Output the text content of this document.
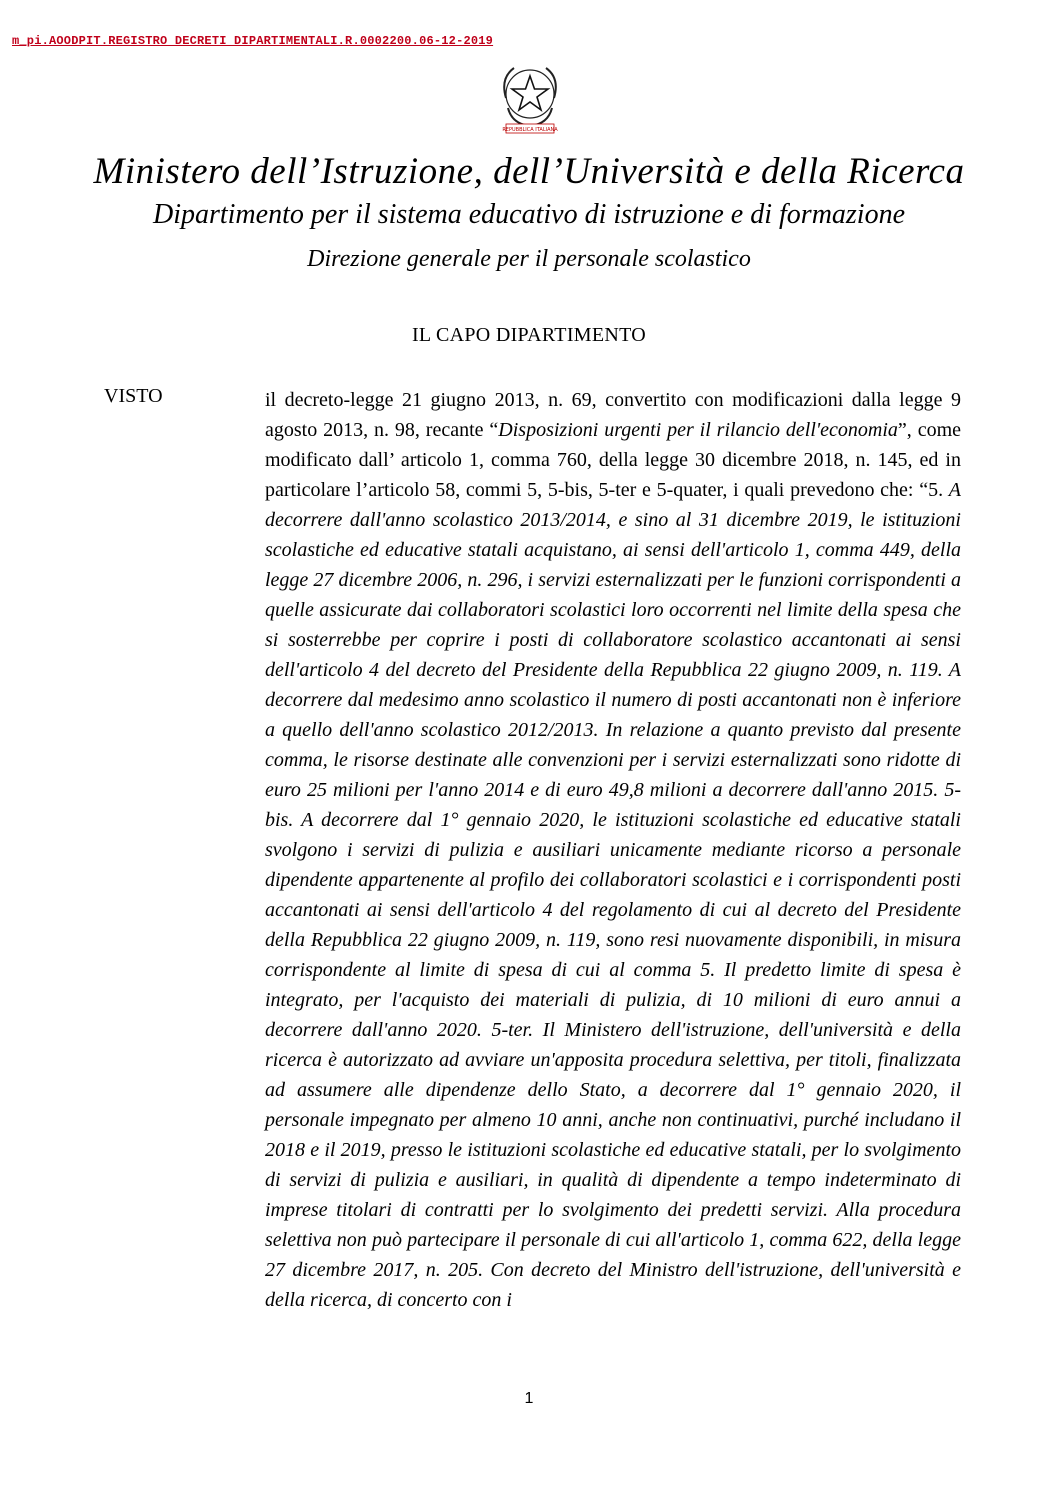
m_pi.AOODPIT.REGISTRO DECRETI DIPARTIMENTALI.R.0002200.06-12-2019
REPUBBLICA ITALIANA
Ministero dell’Istruzione, dell’Università e della Ricerca
Dipartimento per il sistema educativo di istruzione e di formazione
Direzione generale per il personale scolastico
IL CAPO DIPARTIMENTO
VISTO	il decreto-legge 21 giugno 2013, n. 69, convertito con modificazioni dalla legge 9 agosto 2013, n. 98, recante “Disposizioni urgenti per il rilancio dell'economia”, come modificato dall’ articolo 1, comma 760, della legge 30 dicembre 2018, n. 145, ed in particolare l’articolo 58, commi 5, 5-bis, 5-ter e 5-quater, i quali prevedono che: “5. A decorrere dall'anno scolastico 2013/2014, e sino al 31 dicembre 2019, le istituzioni scolastiche ed educative statali acquistano, ai sensi dell'articolo 1, comma 449, della legge 27 dicembre 2006, n. 296, i servizi esternalizzati per le funzioni corrispondenti a quelle assicurate dai collaboratori scolastici loro occorrenti nel limite della spesa che si sosterrebbe per coprire i posti di collaboratore scolastico accantonati ai sensi dell'articolo 4 del decreto del Presidente della Repubblica 22 giugno 2009, n. 119. A decorrere dal medesimo anno scolastico il numero di posti accantonati non è inferiore a quello dell'anno scolastico 2012/2013. In relazione a quanto previsto dal presente comma, le risorse destinate alle convenzioni per i servizi esternalizzati sono ridotte di euro 25 milioni per l'anno 2014 e di euro 49,8 milioni a decorrere dall'anno 2015. 5-bis. A decorrere dal 1° gennaio 2020, le istituzioni scolastiche ed educative statali svolgono i servizi di pulizia e ausiliari unicamente mediante ricorso a personale dipendente appartenente al profilo dei collaboratori scolastici e i corrispondenti posti accantonati ai sensi dell'articolo 4 del regolamento di cui al decreto del Presidente della Repubblica 22 giugno 2009, n. 119, sono resi nuovamente disponibili, in misura corrispondente al limite di spesa di cui al comma 5. Il predetto limite di spesa è integrato, per l'acquisto dei materiali di pulizia, di 10 milioni di euro annui a decorrere dall'anno 2020. 5-ter. Il Ministero dell'istruzione, dell'università e della ricerca è autorizzato ad avviare un'apposita procedura selettiva, per titoli, finalizzata ad assumere alle dipendenze dello Stato, a decorrere dal 1° gennaio 2020, il personale impegnato per almeno 10 anni, anche non continuativi, purché includano il 2018 e il 2019, presso le istituzioni scolastiche ed educative statali, per lo svolgimento di servizi di pulizia e ausiliari, in qualità di dipendente a tempo indeterminato di imprese titolari di contratti per lo svolgimento dei predetti servizi. Alla procedura selettiva non può partecipare il personale di cui all'articolo 1, comma 622, della legge 27 dicembre 2017, n. 205. Con decreto del Ministro dell'istruzione, dell'università e della ricerca, di concerto con i
1
